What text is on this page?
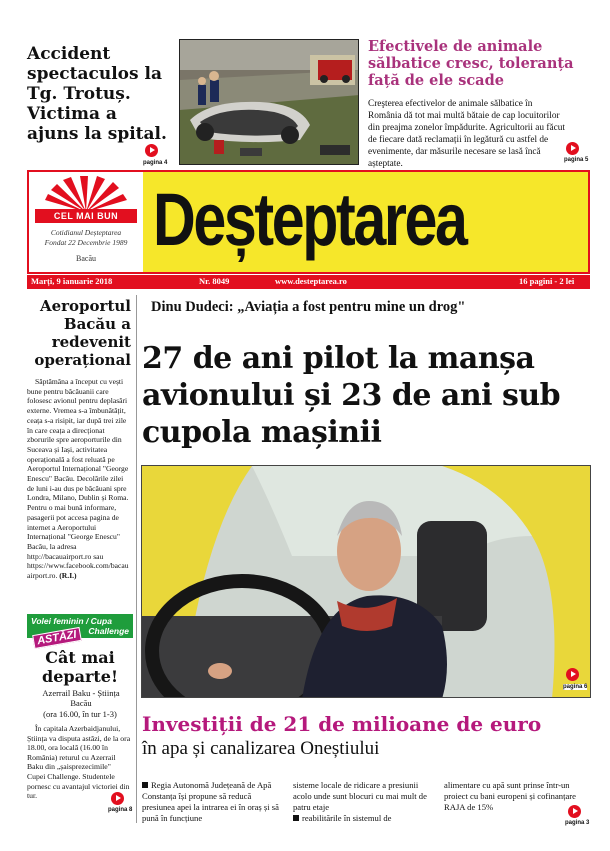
Accident spectaculos la Tg. Trotuș. Victima a ajuns la spital.
pagina 4
Efectivele de animale sălbatice cresc, toleranța față de ele scade
Creşterea efectivelor de animale sălbatice în România dă tot mai multă bătaie de cap locuitorilor din preajma zonelor împădurite. Agricultorii au făcut de fiecare dată reclamații în legătură cu astfel de evenimente, dar măsurile necesare se lasă încă așteptate.	pagina 5
CEL MAI BUN
Cotidianul Deșteptarea
Fondat 22 Decembrie 1989
Bacău Deșteptarea
Marți, 9 ianuarie 2018	Nr. 8049	www.desteptarea.ro	16 pagini - 2 lei
Aeroportul Bacău a redevenit operațional
Săptămâna a început cu vești bune pentru băcăuanii care folosesc avionul pentru deplasări externe. Vremea s-a îmbunătățit, ceața s-a risipit, iar după trei zile în care ceața a direcționat zborurile spre aeroporturile din Suceava și Iași, activitatea operațională a fost reluată pe Aeroportul Internațional "George Enescu" Bacău. Decolările zilei de luni i-au dus pe băcăuani spre Londra, Milano, Dublin și Roma. Pentru o mai bună informare, pasagerii pot accesa pagina de internet a Aeroportului Internațional "George Enescu" Bacău, la adresa http://bacauairport.ro sau https://www.facebook.com/bacauairport.ro. (R.I.)
Volei feminin / Cupa
Challenge
ASTĂZI
Cât mai departe!
Azerrail Baku - Știința Bacău
(ora 16.00, în tur 1-3)
În capitala Azerbaidjanului, Știința va disputa astăzi, de la ora 18.00, ora locală (16.00 în România) returul cu Azerrail Baku din „șaisprezecimile" Cupei Challenge. Studentele pornesc cu avantajul victoriei din tur.
pagina 8
Dinu Dudeci: „Aviația a fost pentru mine un drog"
27 de ani pilot la manșa avionului și 23 de ani sub cupola mașinii
pagina 6
Investiții de 21 de milioane de euro
în apa și canalizarea Oneștiului
Regia Autonomă Județeană de Apă Constanța își propune să reducă presiunea apei la intrarea ei în oraș și să pună în funcțiune
sisteme locale de ridicare a presiunii acolo unde sunt blocuri cu mai mult de patru etaje
reabilitările în sistemul de
alimentare cu apă sunt prinse într-un proiect cu bani europeni și cofinanțare RAJA de 15%
pagina 3
